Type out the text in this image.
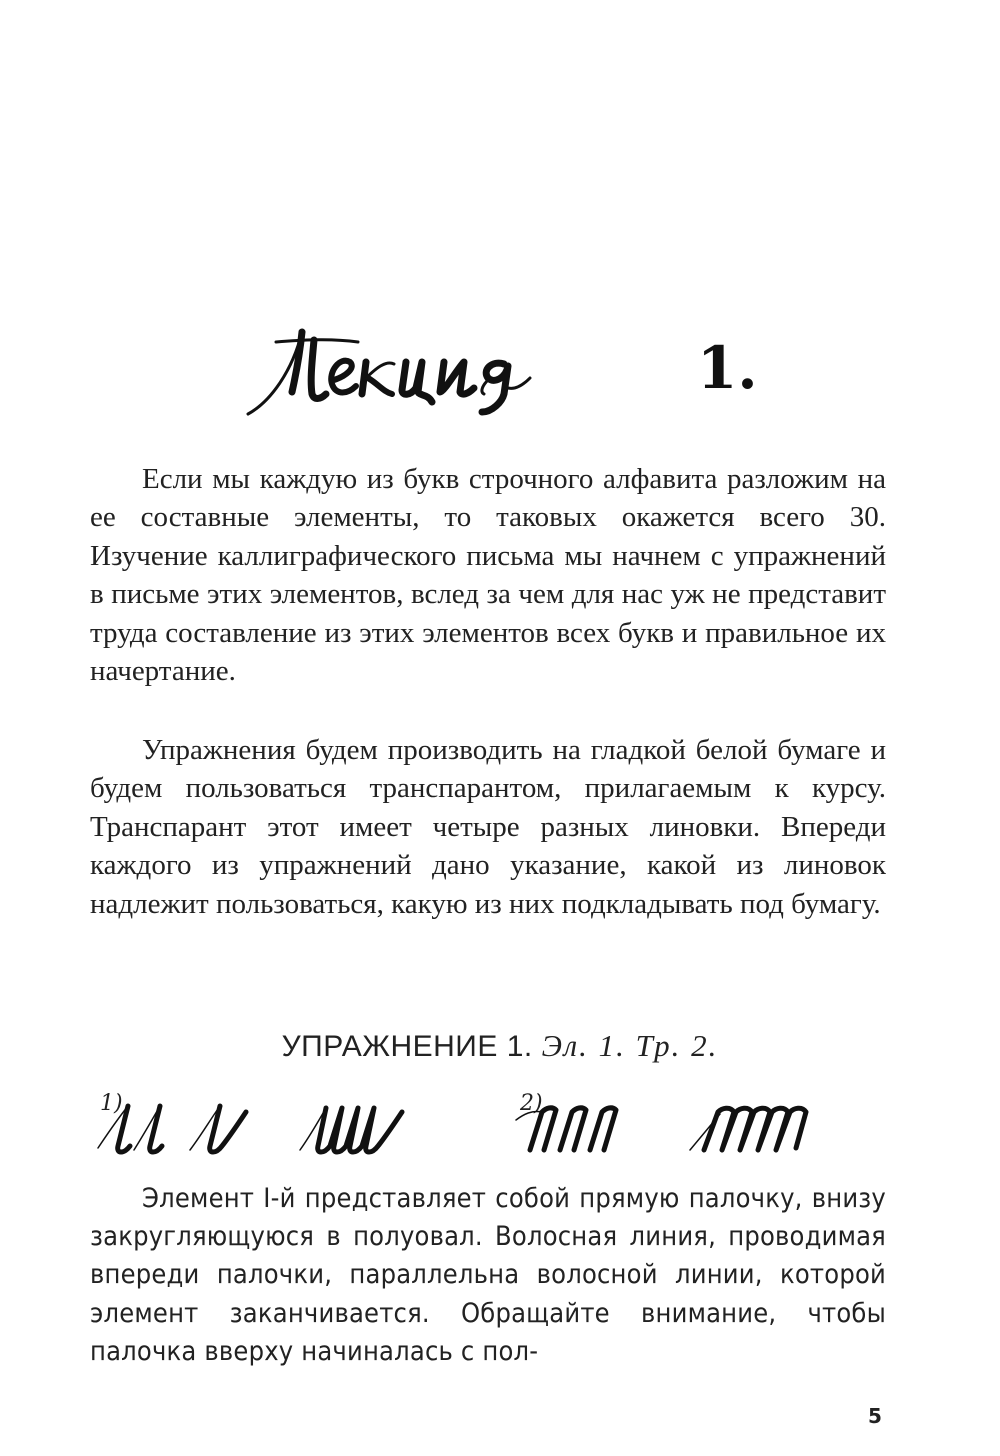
1.

Если мы каждую из букв строчного алфавита разложим на ее составные элементы, то таковых окажется всего 30. Изучение каллиграфического письма мы начнем с упражнений в письме этих элементов, вслед за чем для нас уж не представит труда составление из этих элементов всех букв и правильное их начертание.

Упражнения будем производить на гладкой белой бумаге и будем пользоваться транспарантом, прилагаемым к курсу. Транспарант этот имеет четыре разных линовки. Впереди каждого из упражнений дано указание, какой из линовок надлежит пользоваться, какую из них подкладывать под бумагу.

УПРАЖНЕНИЕ 1. Эл. 1. Тр. 2.
1)	2)

Элемент I-й представляет собой прямую палочку, внизу закругляющуюся в полуовал. Волосная линия, проводимая впереди палочки, параллельна волосной линии, которой элемент заканчивается. Обращайте внимание, чтобы палочка вверху начиналась с пол-

5
